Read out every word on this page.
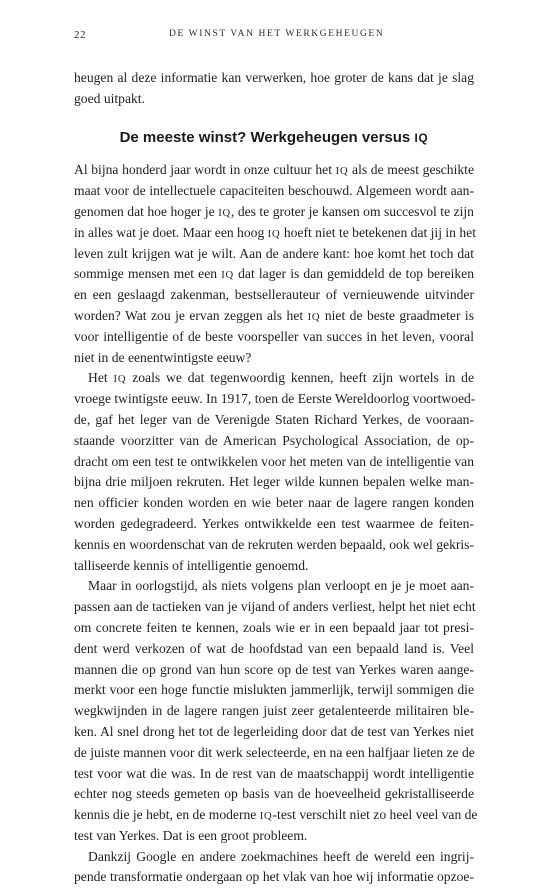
22	DE WINST VAN HET WERKGEHEUGEN
heugen al deze informatie kan verwerken, hoe groter de kans dat je slag
goed uitpakt.
De meeste winst? Werkgeheugen versus IQ
Al bijna honderd jaar wordt in onze cultuur het IQ als de meest geschikte
maat voor de intellectuele capaciteiten beschouwd. Algemeen wordt aan-
genomen dat hoe hoger je IQ, des te groter je kansen om succesvol te zijn
in alles wat je doet. Maar een hoog IQ hoeft niet te betekenen dat jij in het
leven zult krijgen wat je wilt. Aan de andere kant: hoe komt het toch dat
sommige mensen met een IQ dat lager is dan gemiddeld de top bereiken
en een geslaagd zakenman, bestsellerauteur of vernieuwende uitvinder
worden? Wat zou je ervan zeggen als het IQ niet de beste graadmeter is
voor intelligentie of de beste voorspeller van succes in het leven, vooral
niet in de eenentwintigste eeuw?
Het IQ zoals we dat tegenwoordig kennen, heeft zijn wortels in de
vroege twintigste eeuw. In 1917, toen de Eerste Wereldoorlog voortwoed-
de, gaf het leger van de Verenigde Staten Richard Yerkes, de vooraan-
staande voorzitter van de American Psychological Association, de op-
dracht om een test te ontwikkelen voor het meten van de intelligentie van
bijna drie miljoen rekruten. Het leger wilde kunnen bepalen welke man-
nen officier konden worden en wie beter naar de lagere rangen konden
worden gedegradeerd. Yerkes ontwikkelde een test waarmee de feiten-
kennis en woordenschat van de rekruten werden bepaald, ook wel gekris-
talliseerde kennis of intelligentie genoemd.
Maar in oorlogstijd, als niets volgens plan verloopt en je je moet aan-
passen aan de tactieken van je vijand of anders verliest, helpt het niet echt
om concrete feiten te kennen, zoals wie er in een bepaald jaar tot presi-
dent werd verkozen of wat de hoofdstad van een bepaald land is. Veel
mannen die op grond van hun score op de test van Yerkes waren aange-
merkt voor een hoge functie mislukten jammerlijk, terwijl sommigen die
wegkwijnden in de lagere rangen juist zeer getalenteerde militairen ble-
ken. Al snel drong het tot de legerleiding door dat de test van Yerkes niet
de juiste mannen voor dit werk selecteerde, en na een halfjaar lieten ze de
test voor wat die was. In de rest van de maatschappij wordt intelligentie
echter nog steeds gemeten op basis van de hoeveelheid gekristalliseerde
kennis die je hebt, en de moderne IQ-test verschilt niet zo heel veel van de
test van Yerkes. Dat is een groot probleem.
Dankzij Google en andere zoekmachines heeft de wereld een ingrij-
pende transformatie ondergaan op het vlak van hoe wij informatie opzoe-
